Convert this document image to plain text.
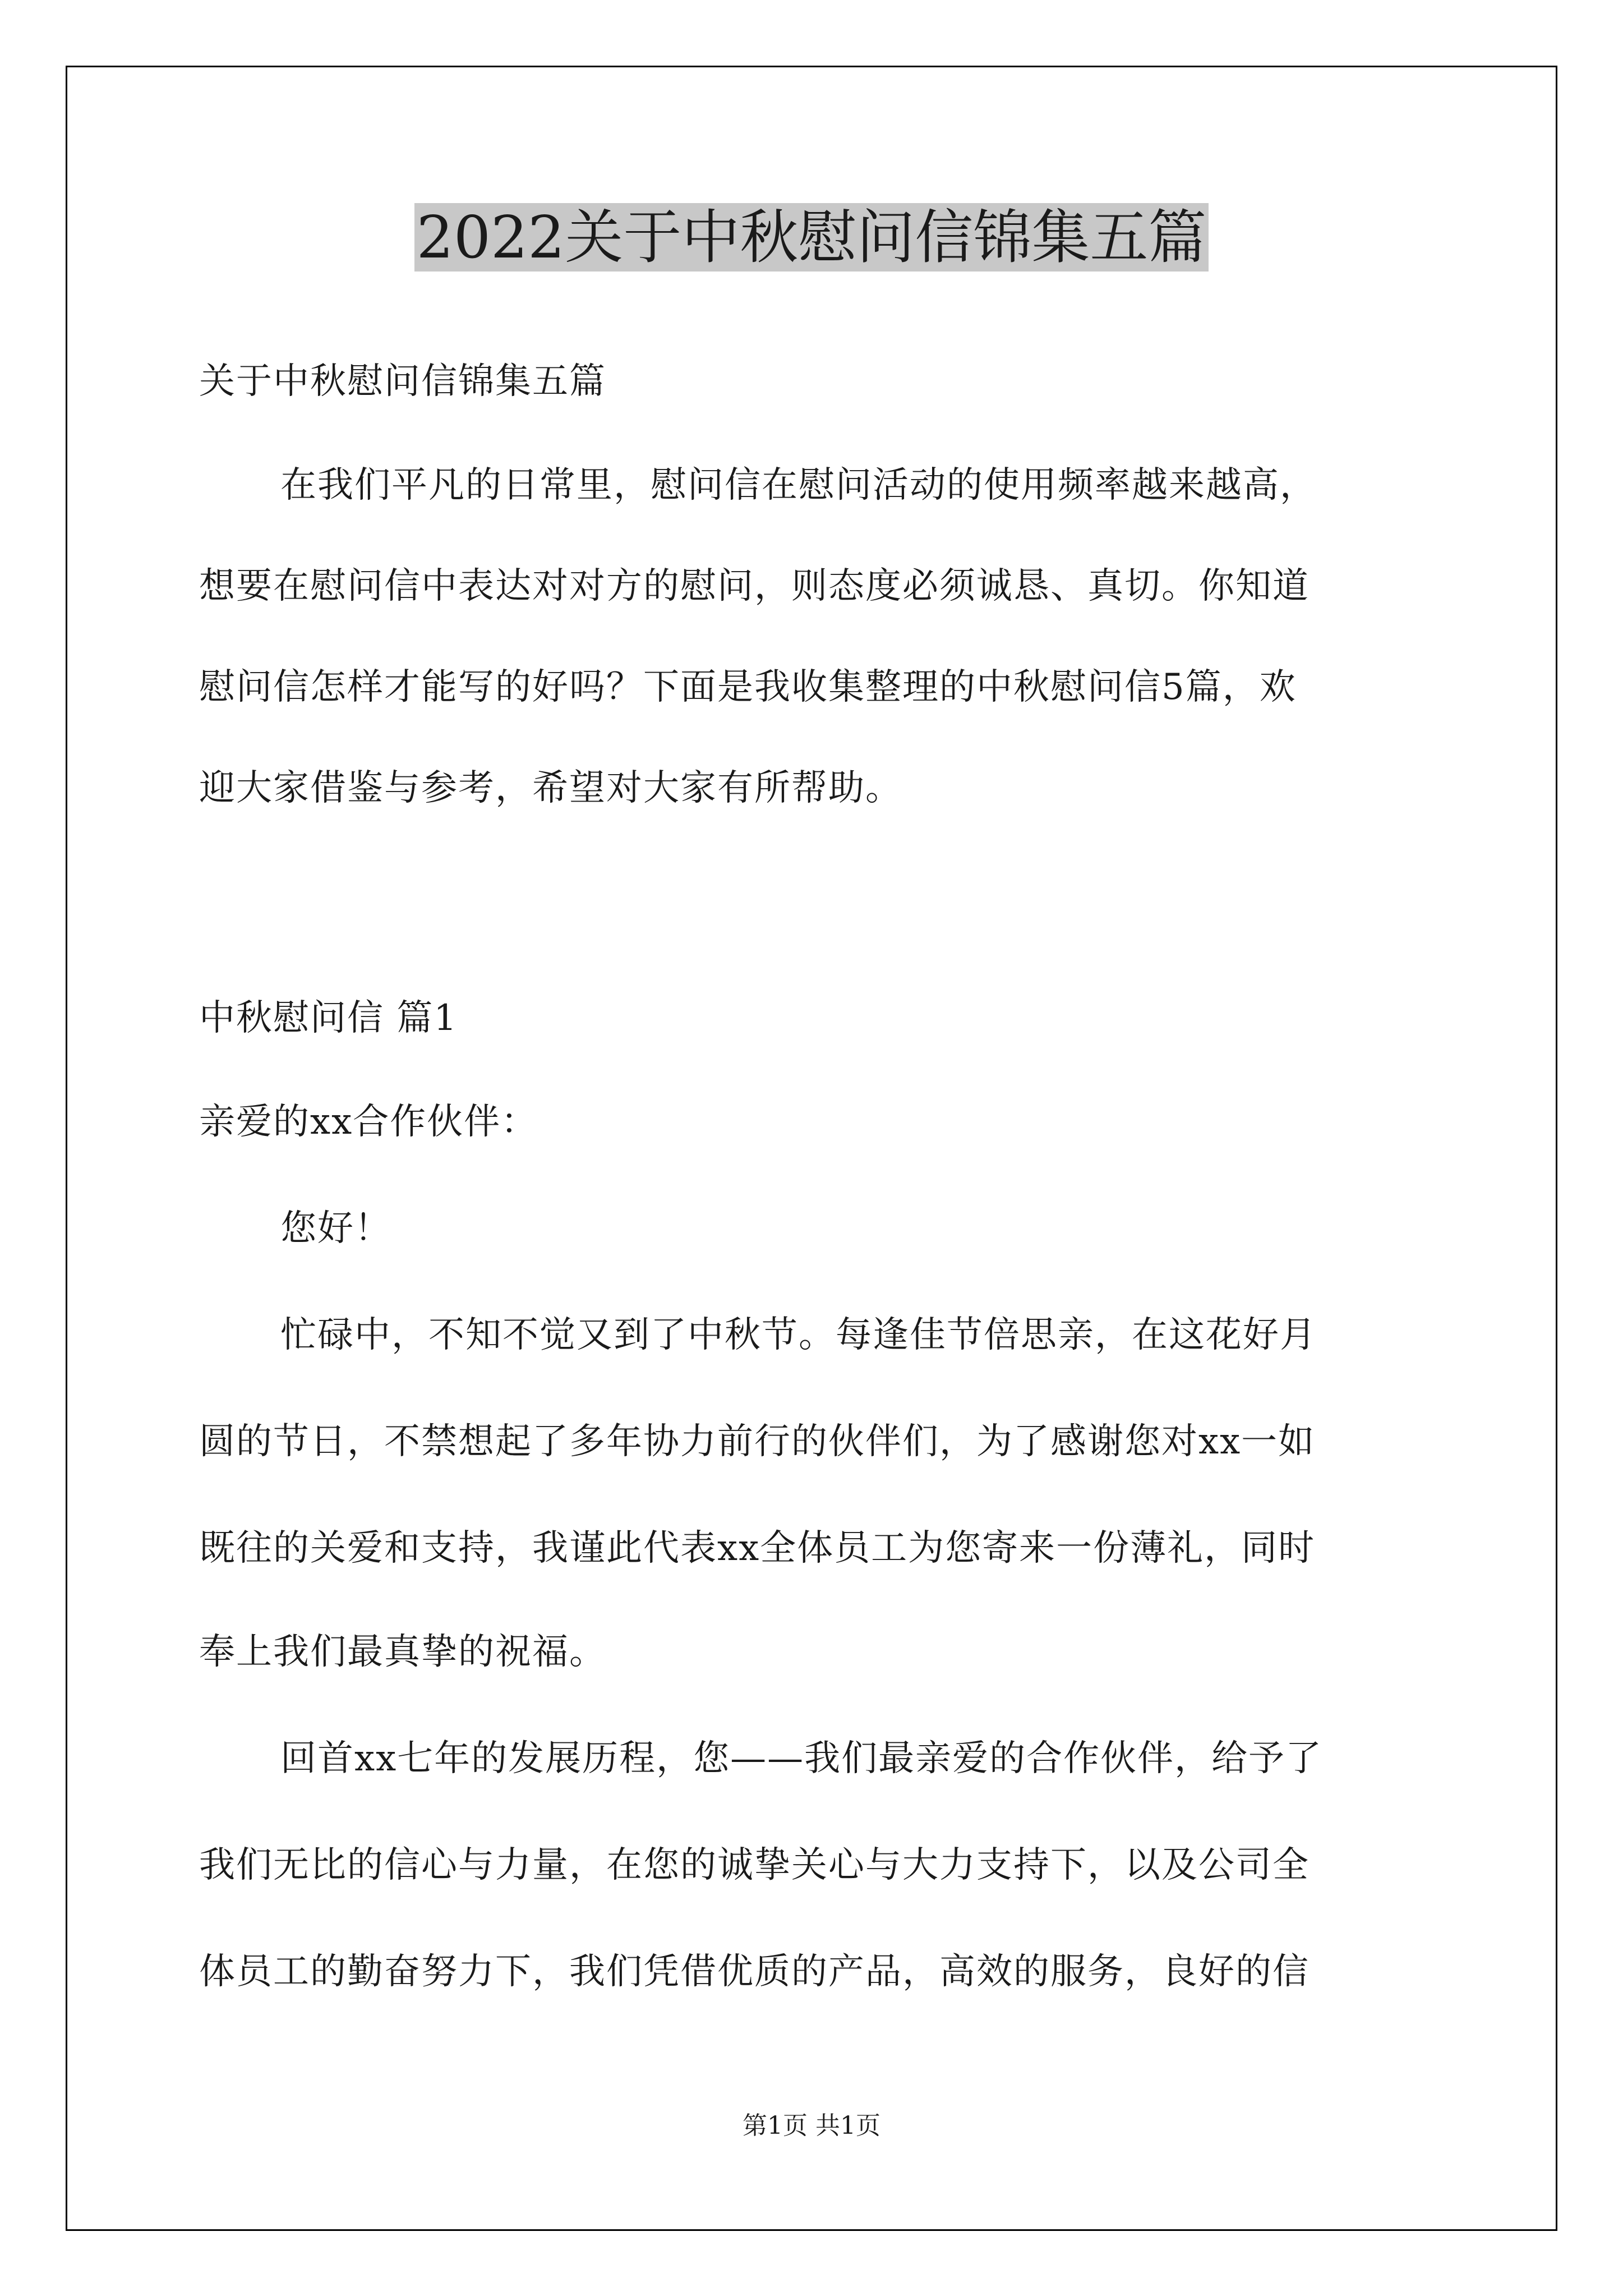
2022关于中秋慰问信锦集五篇
关于中秋慰问信锦集五篇
在我们平凡的日常里，慰问信在慰问活动的使用频率越来越高，
想要在慰问信中表达对对方的慰问，则态度必须诚恳、真切。你知道
慰问信怎样才能写的好吗？下面是我收集整理的中秋慰问信5篇，欢
迎大家借鉴与参考，希望对大家有所帮助。
中秋慰问信 篇1
亲爱的xx合作伙伴：
您好！
忙碌中，不知不觉又到了中秋节。每逢佳节倍思亲，在这花好月
圆的节日，不禁想起了多年协力前行的伙伴们，为了感谢您对xx一如
既往的关爱和支持，我谨此代表xx全体员工为您寄来一份薄礼，同时
奉上我们最真挚的祝福。
回首xx七年的发展历程，您——我们最亲爱的合作伙伴，给予了
我们无比的信心与力量，在您的诚挚关心与大力支持下，以及公司全
体员工的勤奋努力下，我们凭借优质的产品，高效的服务，良好的信
第1页 共1页
